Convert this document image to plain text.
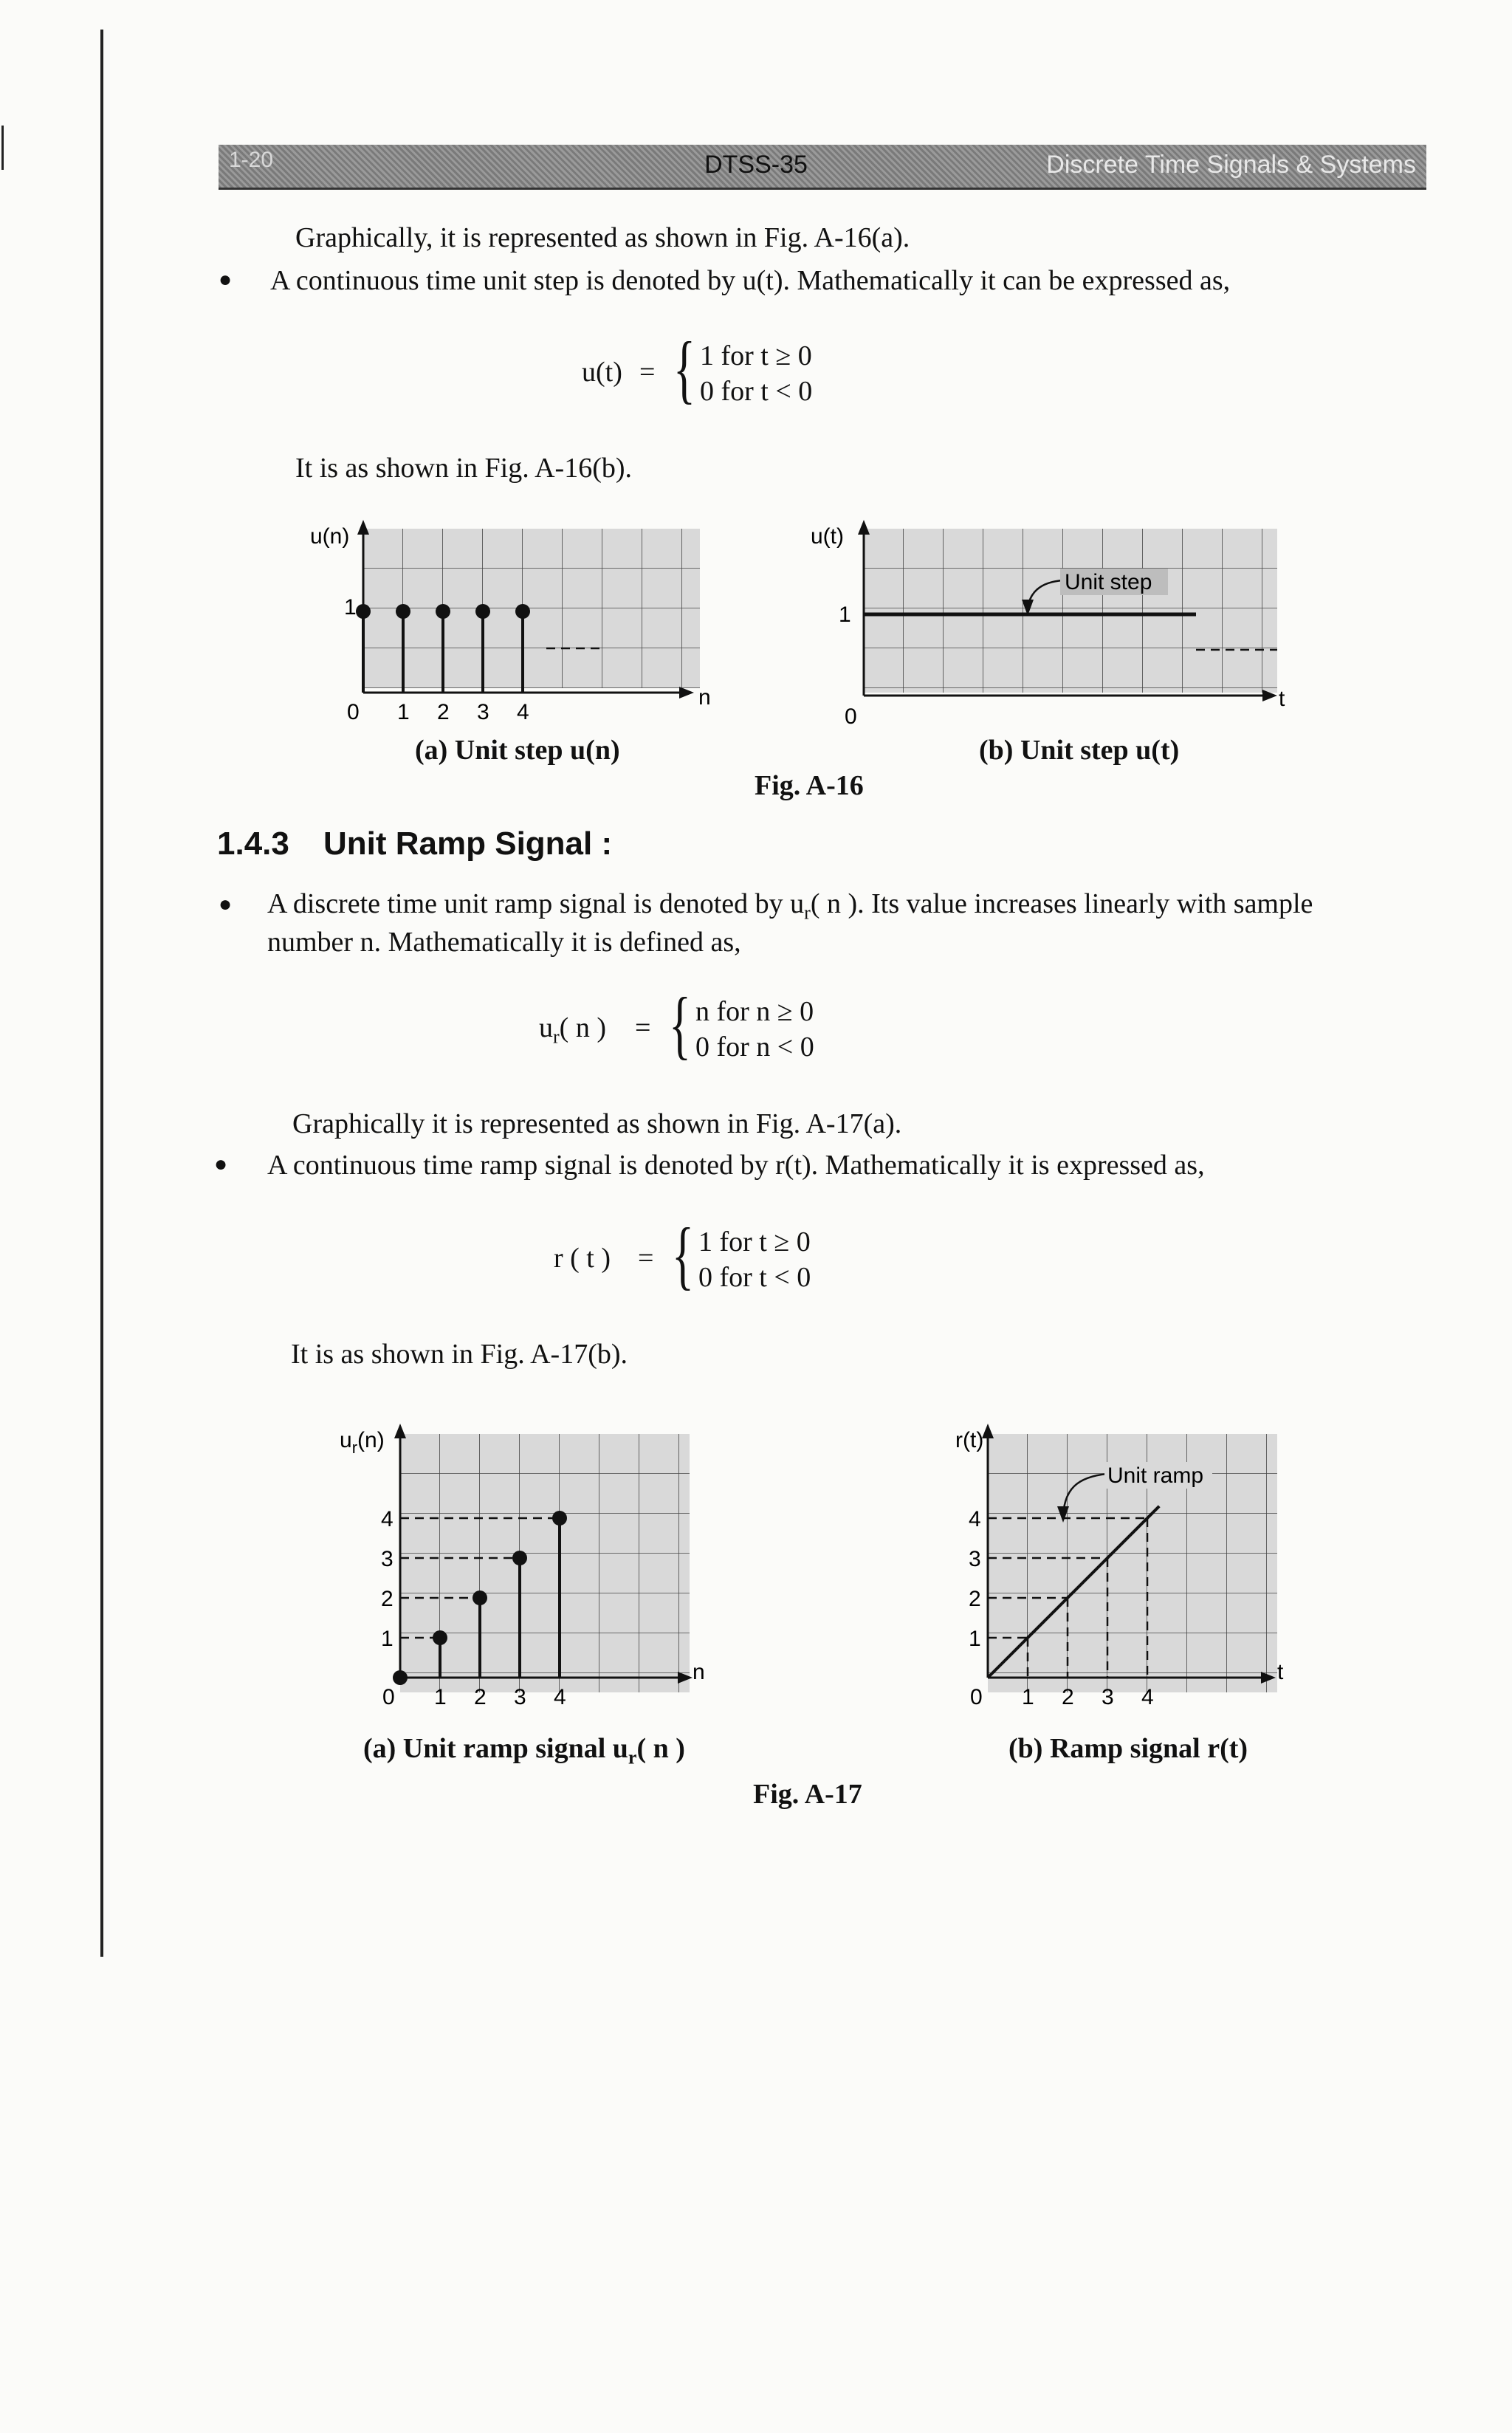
1-20	DTSS-35	Discrete Time Signals & Systems
Graphically, it is represented as shown in Fig. A-16(a).
● A continuous time unit step is denoted by u(t). Mathematically it can be expressed as,
u(t) = { 1 for t ≥ 0
0 for t < 0
It is as shown in Fig. A-16(b).
u(n)
1
n
0 1 2 3 4
Unit step
u(t)
1
0
t
(a) Unit step u(n)	(b) Unit step u(t)
Fig. A-16
1.4.3 Unit Ramp Signal :
● A discrete time unit ramp signal is denoted by $u_r$( n ). Its value increases linearly with sample
number n. Mathematically it is defined as,
$u_r$( n ) = { n for n ≥ 0
0 for n < 0
Graphically it is represented as shown in Fig. A-17(a).
● A continuous time ramp signal is denoted by r(t). Mathematically it is expressed as,
r ( t ) = { 1 for t ≥ 0
0 for t < 0
It is as shown in Fig. A-17(b).
$u_r(n)$
1
2
3
4
0 1 2 3 4
n
Unit ramp
r(t)
1
2
3
4
0 1 2 3 4
t
(a) Unit ramp signal $u_r$( n )	(b) Ramp signal r(t)
Fig. A-17
